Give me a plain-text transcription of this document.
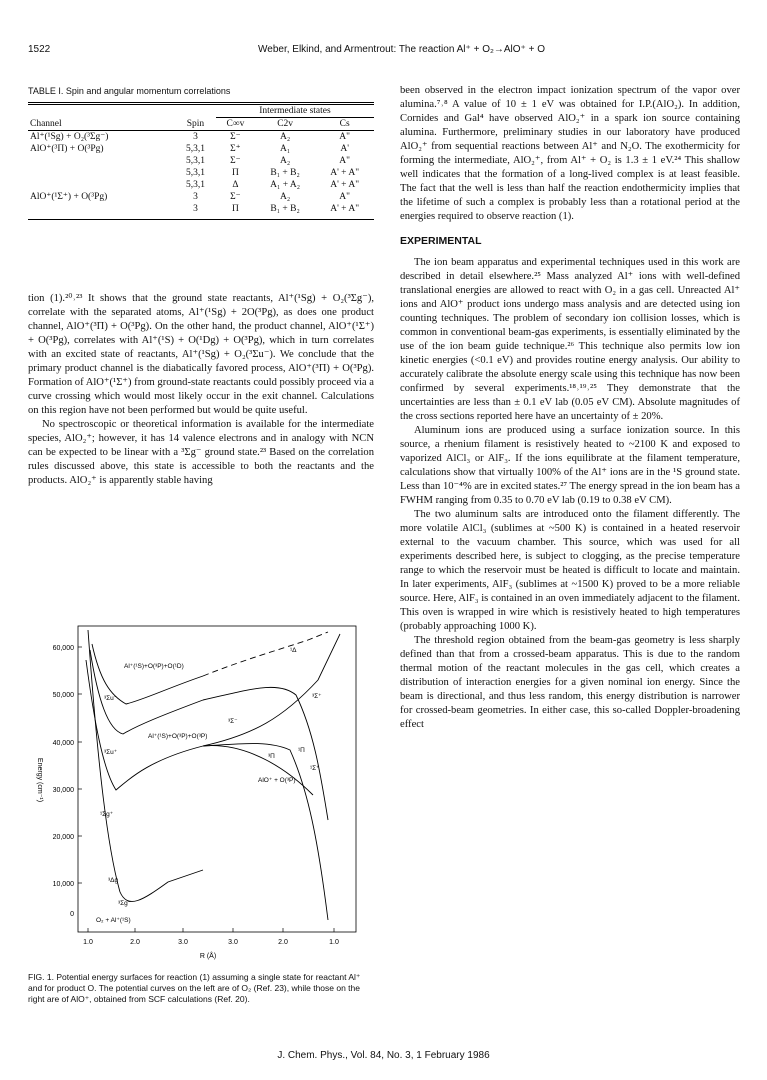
1522	Weber, Elkind, and Armentrout: The reaction Al⁺ + O₂→AlO⁺ + O
TABLE I. Spin and angular momentum correlations
		Intermediate states		
Channel	Spin	C∞v	C2v	Cs
Al⁺(¹Sg) + O₂(³Σg⁻)	3	Σ⁻	A₂	A"
AlO⁺(³Π) + O(³Pg)	5,3,1	Σ⁺	A₁	A'
	5,3,1	Σ⁻	A₂	A"
	5,3,1	Π	B₁ + B₂	A' + A"
	5,3,1	Δ	A₁ + A₂	A' + A"
AlO⁺(¹Σ⁺) + O(³Pg)	3	Σ⁻	A₂	A"
	3	Π	B₁ + B₂	A' + A"

tion (1).²⁰˒²³ It shows that the ground state reactants, Al⁺(¹Sg) + O₂(³Σg⁻), correlate with the separated atoms, Al⁺(¹Sg) + 2O(³Pg), as does one product channel, AlO⁺(³Π) + O(³Pg). On the other hand, the product channel, AlO⁺(¹Σ⁺) + O(³Pg), correlates with Al⁺(¹S) + O(¹Dg) + O(³Pg), which in turn correlates with an excited state of reactants, Al⁺(¹Sg) + O₂(³Σu⁻). We conclude that the primary product channel is the diabatically favored process, AlO⁺(³Π) + O(³Pg). Formation of AlO⁺(¹Σ⁺) from ground-state reactants could possibly proceed via a curve crossing which would most likely occur in the exit channel. Calculations on this region have not been performed but would be quite useful.

No spectroscopic or theoretical information is available for the intermediate species, AlO₂⁺; however, it has 14 valence electrons and in analogy with NCN can be expected to be linear with a ³Σg⁻ ground state.²³ Based on the correlation rules discussed above, this state is accessible to both the reactants and the products. AlO₂⁺ is apparently stable having

60,000
50,000
40,000
30,000
20,000
10,000
0
1.0	2.0	3.0	3.0	2.0	1.0
R (Å)
Energy (cm⁻¹)
¹Δ
Al⁺(¹S)+O(³P)+O(¹D)
Al⁺(¹S)+O(³P)+O(³P)
AlO⁺ + O(³P)
O₂ + Al⁺(¹S)
³Σu⁻
³Σu⁺
¹Σg⁺
³Δg
³Σg⁻
³Σ⁻
³Σ⁺
¹Π
³Π
¹Σ⁺
FIG. 1. Potential energy surfaces for reaction (1) assuming a single state for reactant Al⁺ and for product O. The potential curves on the left are of O₂ (Ref. 23), while those on the right are of AlO⁺, obtained from SCF calculations (Ref. 20).

been observed in the electron impact ionization spectrum of the vapor over alumina.⁷˒⁸ A value of 10 ± 1 eV was obtained for I.P.(AlO₂). In addition, Cornides and Gal⁴ have observed AlO₂⁺ in a spark ion source containing alumina. Furthermore, preliminary studies in our laboratory have produced AlO₂⁺ from sequential reactions between Al⁺ and N₂O. The exothermicity for forming the intermediate, AlO₂⁺, from Al⁺ + O₂ is 1.3 ± 1 eV.²⁴ This shallow well indicates that the formation of a long-lived complex is at least feasible. The fact that the well is less than half the reaction endothermicity implies that the lifetime of such a complex is probably less than a rotational period at the energies required to observe reaction (1).

EXPERIMENTAL

The ion beam apparatus and experimental techniques used in this work are described in detail elsewhere.²⁵ Mass analyzed Al⁺ ions with well-defined translational energies are allowed to react with O₂ in a gas cell. Unreacted Al⁺ ions and AlO⁺ product ions undergo mass analysis and are detected using ion counting techniques. The problem of secondary ion collision losses, which is common in conventional beam-gas experiments, is essentially eliminated by the use of the ion beam guide technique.²⁶ This technique also permits low ion kinetic energies (<0.1 eV) and provides routine energy analysis. Our ability to accurately calibrate the absolute energy scale using this technique has now been confirmed by several experiments.¹⁸˒¹⁹˒²⁵ They demonstrate that the uncertainties are less than ± 0.1 eV lab (0.05 eV CM). Absolute magnitudes of the cross sections reported here have an uncertainty of ± 20%.

Aluminum ions are produced using a surface ionization source. In this source, a rhenium filament is resistively heated to ~2100 K and exposed to vaporized AlCl₃ or AlF₃. If the ions equilibrate at the filament temperature, calculations show that virtually 100% of the Al⁺ ions are in the ¹S ground state. Less than 10⁻⁴% are in excited states.²⁷ The energy spread in the ion beam has a FWHM ranging from 0.35 to 0.70 eV lab (0.19 to 0.38 eV CM).

The two aluminum salts are introduced onto the filament differently. The more volatile AlCl₃ (sublimes at ~500 K) is contained in a heated reservoir external to the vacuum chamber. This source, which was used for all experiments described here, is subject to clogging, as the precise temperature range to which the reservoir must be heated is difficult to locate and maintain. In later experiments, AlF₃ (sublimes at ~1500 K) proved to be a more reliable source. Here, AlF₃ is contained in an oven immediately adjacent to the filament. This oven is wrapped in wire which is resistively heated to high temperatures (probably approaching 1000 K).

The threshold region obtained from the beam-gas geometry is less sharply defined than that from a crossed-beam apparatus. This is due to the random thermal motion of the reactant molecules in the gas cell, which creates a distribution of interaction energies for a given nominal ion energy. Since the beam is directional, and thus less random, this energy distribution is narrower for crossed-beam geometries. In either case, this so-called Doppler-broadening effect

J. Chem. Phys., Vol. 84, No. 3, 1 February 1986
